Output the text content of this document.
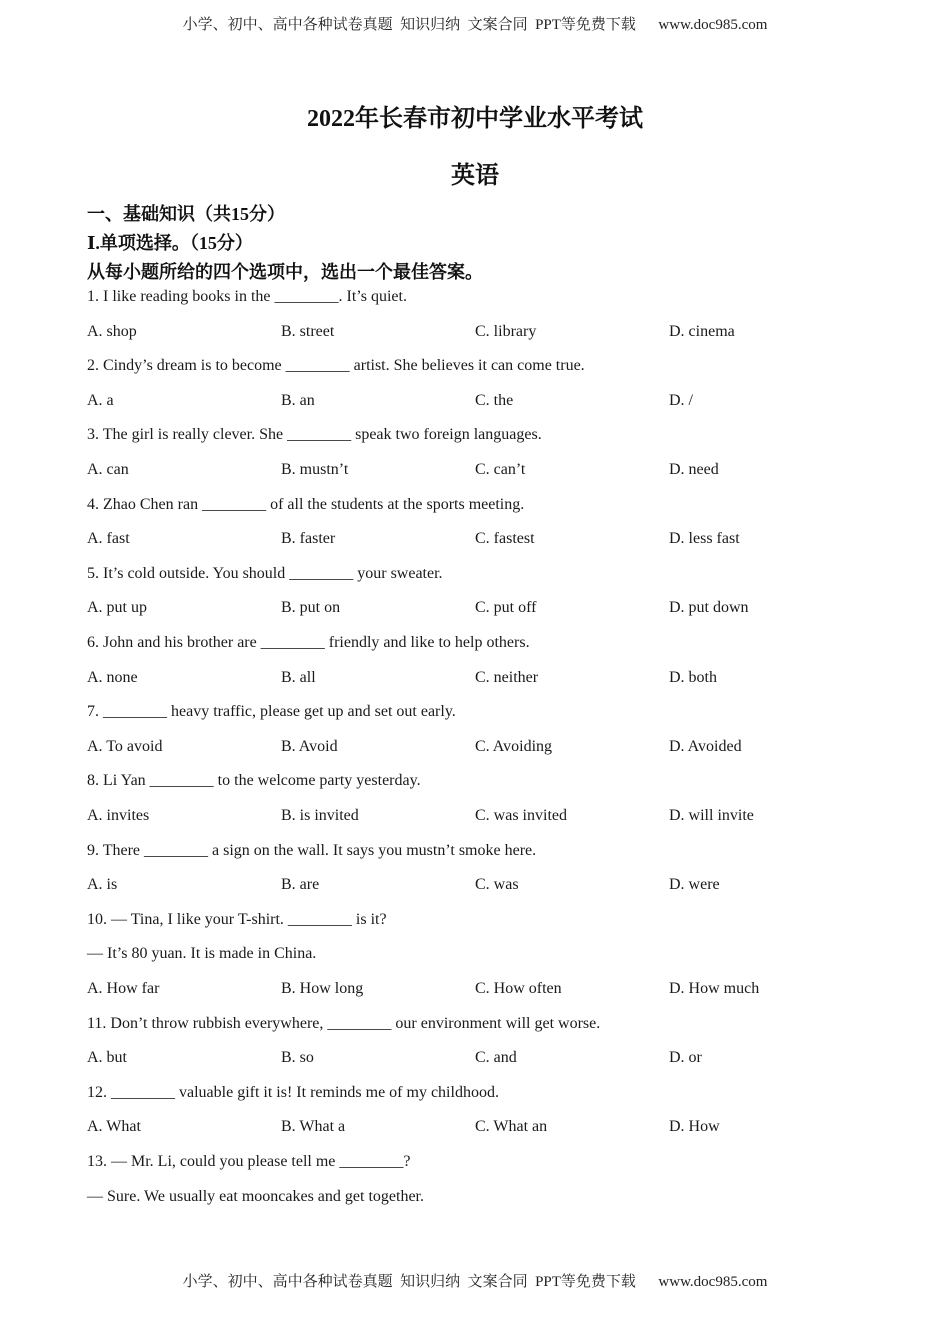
小学、初中、高中各种试卷真题  知识归纳  文案合同  PPT等免费下载      www.doc985.com
2022年长春市初中学业水平考试
英语
一、基础知识（共15分）
Ⅰ.单项选择。（15分）
从每小题所给的四个选项中，选出一个最佳答案。
1. I like reading books in the ________. It’s quiet.
A. shop	B. street	C. library	D. cinema
2. Cindy’s dream is to become ________ artist. She believes it can come true.
A. a	B. an	C. the	D. /
3. The girl is really clever. She ________ speak two foreign languages.
A. can	B. mustn’t	C. can’t	D. need
4. Zhao Chen ran ________ of all the students at the sports meeting.
A. fast	B. faster	C. fastest	D. less fast
5. It’s cold outside. You should ________ your sweater.
A. put up	B. put on	C. put off	D. put down
6. John and his brother are ________ friendly and like to help others.
A. none	B. all	C. neither	D. both
7. ________ heavy traffic, please get up and set out early.
A. To avoid	B. Avoid	C. Avoiding	D. Avoided
8. Li Yan ________ to the welcome party yesterday.
A. invites	B. is invited	C. was invited	D. will invite
9. There ________ a sign on the wall. It says you mustn’t smoke here.
A. is	B. are	C. was	D. were
10. — Tina, I like your T-shirt. ________ is it?
— It’s 80 yuan. It is made in China.
A. How far	B. How long	C. How often	D. How much
11. Don’t throw rubbish everywhere, ________ our environment will get worse.
A. but	B. so	C. and	D. or
12. ________ valuable gift it is! It reminds me of my childhood.
A. What	B. What a	C. What an	D. How
13. — Mr. Li, could you please tell me ________?
— Sure. We usually eat mooncakes and get together.
小学、初中、高中各种试卷真题  知识归纳  文案合同  PPT等免费下载      www.doc985.com
